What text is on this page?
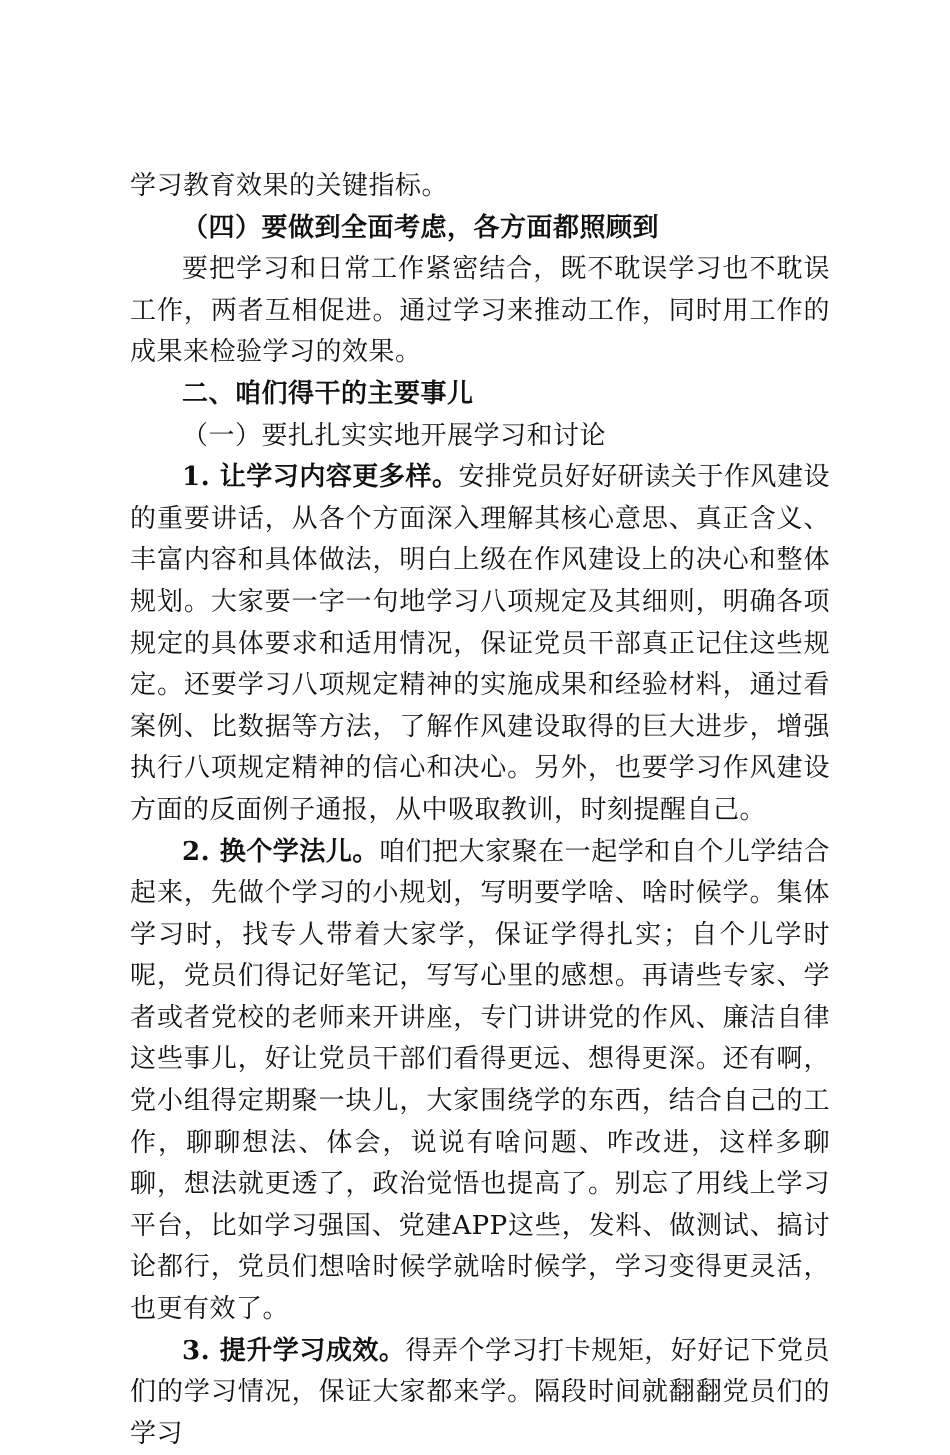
学习教育效果的关键指标。

（四）要做到全面考虑，各方面都照顾到

要把学习和日常工作紧密结合，既不耽误学习也不耽误工作，两者互相促进。通过学习来推动工作，同时用工作的成果来检验学习的效果。

二、咱们得干的主要事儿

（一）要扎扎实实地开展学习和讨论

1. 让学习内容更多样。安排党员好好研读关于作风建设的重要讲话，从各个方面深入理解其核心意思、真正含义、丰富内容和具体做法，明白上级在作风建设上的决心和整体规划。大家要一字一句地学习八项规定及其细则，明确各项规定的具体要求和适用情况，保证党员干部真正记住这些规定。还要学习八项规定精神的实施成果和经验材料，通过看案例、比数据等方法，了解作风建设取得的巨大进步，增强执行八项规定精神的信心和决心。另外，也要学习作风建设方面的反面例子通报，从中吸取教训，时刻提醒自己。

2. 换个学法儿。咱们把大家聚在一起学和自个儿学结合起来，先做个学习的小规划，写明要学啥、啥时候学。集体学习时，找专人带着大家学，保证学得扎实；自个儿学时呢，党员们得记好笔记，写写心里的感想。再请些专家、学者或者党校的老师来开讲座，专门讲讲党的作风、廉洁自律这些事儿，好让党员干部们看得更远、想得更深。还有啊，党小组得定期聚一块儿，大家围绕学的东西，结合自己的工作，聊聊想法、体会，说说有啥问题、咋改进，这样多聊聊，想法就更透了，政治觉悟也提高了。别忘了用线上学习平台，比如学习强国、党建APP这些，发料、做测试、搞讨论都行，党员们想啥时候学就啥时候学，学习变得更灵活，也更有效了。

3. 提升学习成效。得弄个学习打卡规矩，好好记下党员们的学习情况，保证大家都来学。隔段时间就翻翻党员们的学习
